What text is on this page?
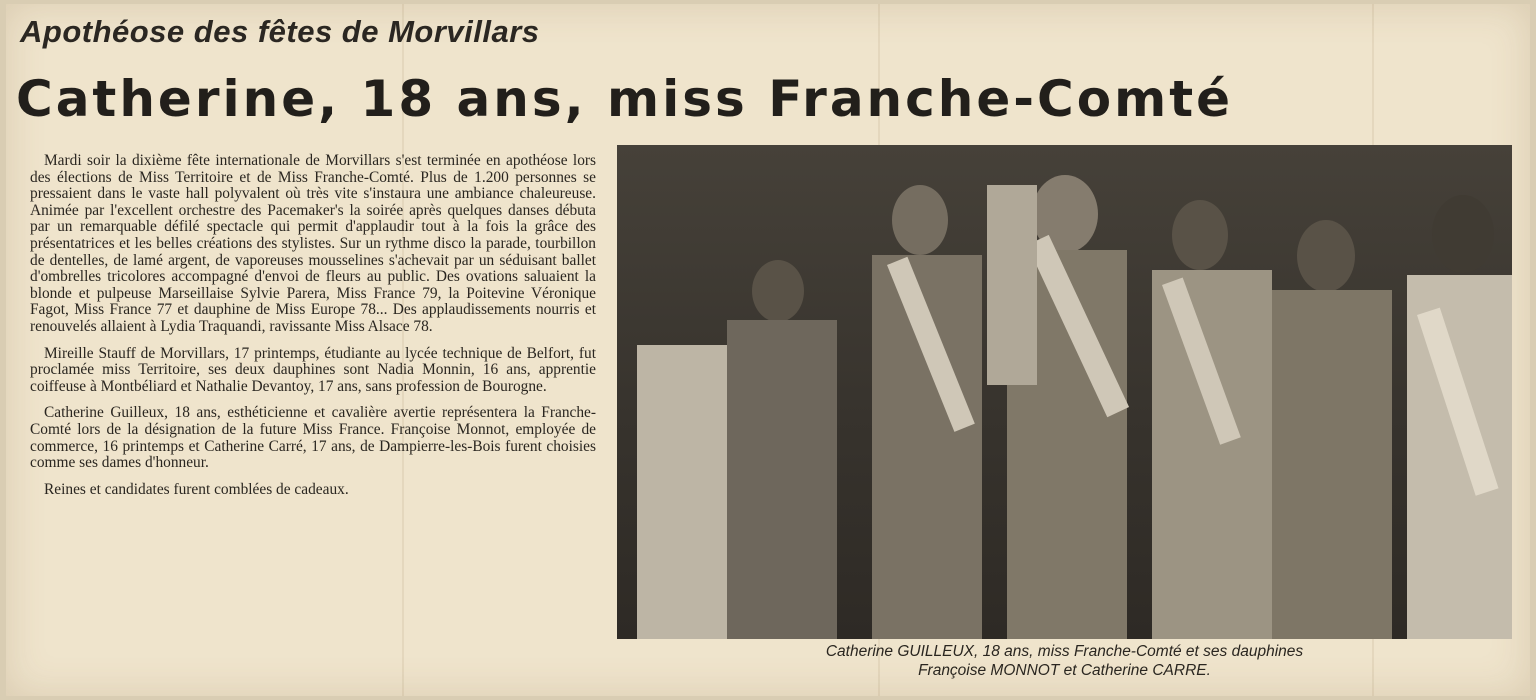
Apothéose des fêtes de Morvillars
Catherine, 18 ans, miss Franche-Comté

Mardi soir la dixième fête internationale de Morvillars s'est terminée en apothéose lors des élections de Miss Territoire et de Miss Franche-Comté. Plus de 1.200 personnes se pressaient dans le vaste hall polyvalent où très vite s'instaura une ambiance chaleureuse. Animée par l'excellent orchestre des Pacemaker's la soirée après quelques danses débuta par un remarquable défilé spectacle qui permit d'applaudir tout à la fois la grâce des présentatrices et les belles créations des stylistes. Sur un rythme disco la parade, tourbillon de dentelles, de lamé argent, de vaporeuses mousselines s'achevait par un séduisant ballet d'ombrelles tricolores accompagné d'envoi de fleurs au public. Des ovations saluaient la blonde et pulpeuse Marseillaise Sylvie Parera, Miss France 79, la Poitevine Véronique Fagot, Miss France 77 et dauphine de Miss Europe 78... Des applaudissements nourris et renouvelés allaient à Lydia Traquandi, ravissante Miss Alsace 78.

Mireille Stauff de Morvillars, 17 printemps, étudiante au lycée technique de Belfort, fut proclamée miss Territoire, ses deux dauphines sont Nadia Monnin, 16 ans, apprentie coiffeuse à Montbéliard et Nathalie Devantoy, 17 ans, sans profession de Bourogne.

Catherine Guilleux, 18 ans, esthéticienne et cavalière avertie représentera la Franche-Comté lors de la désignation de la future Miss France. Françoise Monnot, employée de commerce, 16 printemps et Catherine Carré, 17 ans, de Dampierre-les-Bois furent choisies comme ses dames d'honneur.

Reines et candidates furent comblées de cadeaux.

Catherine GUILLEUX, 18 ans, miss Franche-Comté et ses dauphines
Françoise MONNOT et Catherine CARRE.
